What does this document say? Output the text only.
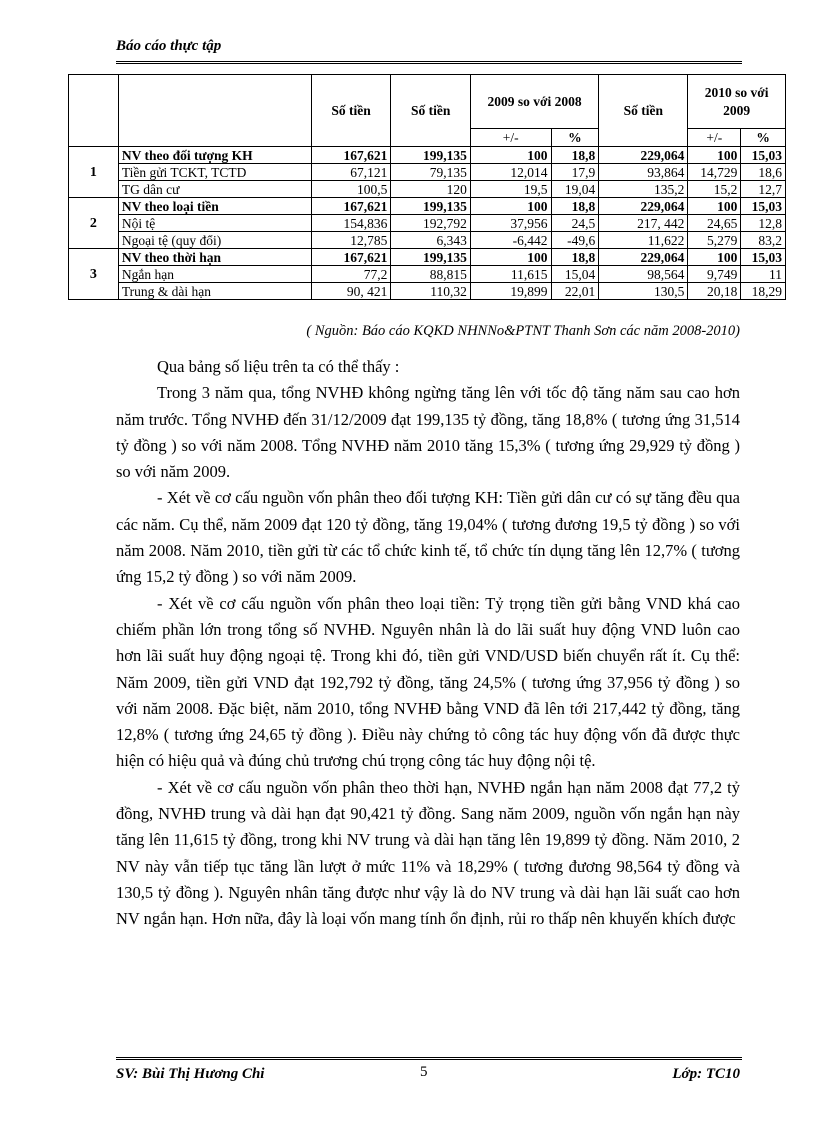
Báo cáo thực tập
		Số tiền	Số tiền	2009 so với 2008		Số tiền	2010 so với 2009	
				+/-	%		+/-	%
1	NV theo đối tượng KH	167,621	199,135	100	18,8	229,064	100	15,03
	Tiền gửi TCKT, TCTD	67,121	79,135	12,014	17,9	93,864	14,729	18,6
	TG dân cư	100,5	120	19,5	19,04	135,2	15,2	12,7
2	NV theo loại tiền	167,621	199,135	100	18,8	229,064	100	15,03
	Nội tệ	154,836	192,792	37,956	24,5	217, 442	24,65	12,8
	Ngoại tệ (quy đổi)	12,785	6,343	-6,442	-49,6	11,622	5,279	83,2
3	NV theo thời hạn	167,621	199,135	100	18,8	229,064	100	15,03
	Ngắn hạn	77,2	88,815	11,615	15,04	98,564	9,749	11
	Trung & dài hạn	90, 421	110,32	19,899	22,01	130,5	20,18	18,29
( Nguồn: Báo cáo KQKD NHNNo&PTNT Thanh Sơn các năm 2008-2010)

Qua bảng số liệu trên ta có thể thấy :

Trong 3 năm qua, tổng NVHĐ không ngừng tăng lên với tốc độ tăng năm sau cao hơn năm trước. Tổng NVHĐ đến 31/12/2009 đạt 199,135 tỷ đồng, tăng 18,8% ( tương ứng 31,514 tỷ đồng ) so với năm 2008. Tổng NVHĐ năm 2010 tăng 15,3% ( tương ứng 29,929 tỷ đồng ) so với năm 2009.

- Xét về cơ cấu nguồn vốn phân theo đối tượng KH: Tiền gửi dân cư có sự tăng đều qua các năm. Cụ thể, năm 2009 đạt 120 tỷ đồng, tăng 19,04% ( tương đương 19,5 tỷ đồng ) so với năm 2008. Năm 2010, tiền gửi từ các tổ chức kinh tế, tổ chức tín dụng tăng lên 12,7% ( tương ứng 15,2 tỷ đồng ) so với năm 2009.

- Xét về cơ cấu nguồn vốn phân theo loại tiền: Tỷ trọng tiền gửi bằng VND khá cao chiếm phần lớn trong tổng số NVHĐ. Nguyên nhân là do lãi suất huy động VND luôn cao hơn lãi suất huy động ngoại tệ. Trong khi đó, tiền gửi VND/USD biến chuyển rất ít. Cụ thể: Năm 2009, tiền gửi VND đạt 192,792 tỷ đồng, tăng 24,5% ( tương ứng 37,956 tỷ đồng ) so với năm 2008. Đặc biệt, năm 2010, tổng NVHĐ bằng VND đã lên tới 217,442 tỷ đồng, tăng 12,8% ( tương ứng 24,65 tỷ đồng ). Điều này chứng tỏ công tác huy động vốn đã được thực hiện có hiệu quả và đúng chủ trương chú trọng công tác huy động nội tệ.

- Xét về cơ cấu nguồn vốn phân theo thời hạn, NVHĐ ngắn hạn năm 2008 đạt 77,2 tỷ đồng, NVHĐ trung và dài hạn đạt 90,421 tỷ đồng. Sang năm 2009, nguồn vốn ngắn hạn này tăng lên 11,615 tỷ đồng, trong khi NV trung và dài hạn tăng lên 19,899 tỷ đồng. Năm 2010, 2 NV này vẫn tiếp tục tăng lần lượt ở mức 11% và 18,29% ( tương đương 98,564 tỷ đồng và 130,5 tỷ đồng ). Nguyên nhân tăng được như vậy là do NV trung và dài hạn lãi suất cao hơn NV ngắn hạn. Hơn nữa, đây là loại vốn mang tính ổn định, rủi ro thấp nên khuyến khích được

SV: Bùi Thị Hương Chi	5	Lớp: TC10
